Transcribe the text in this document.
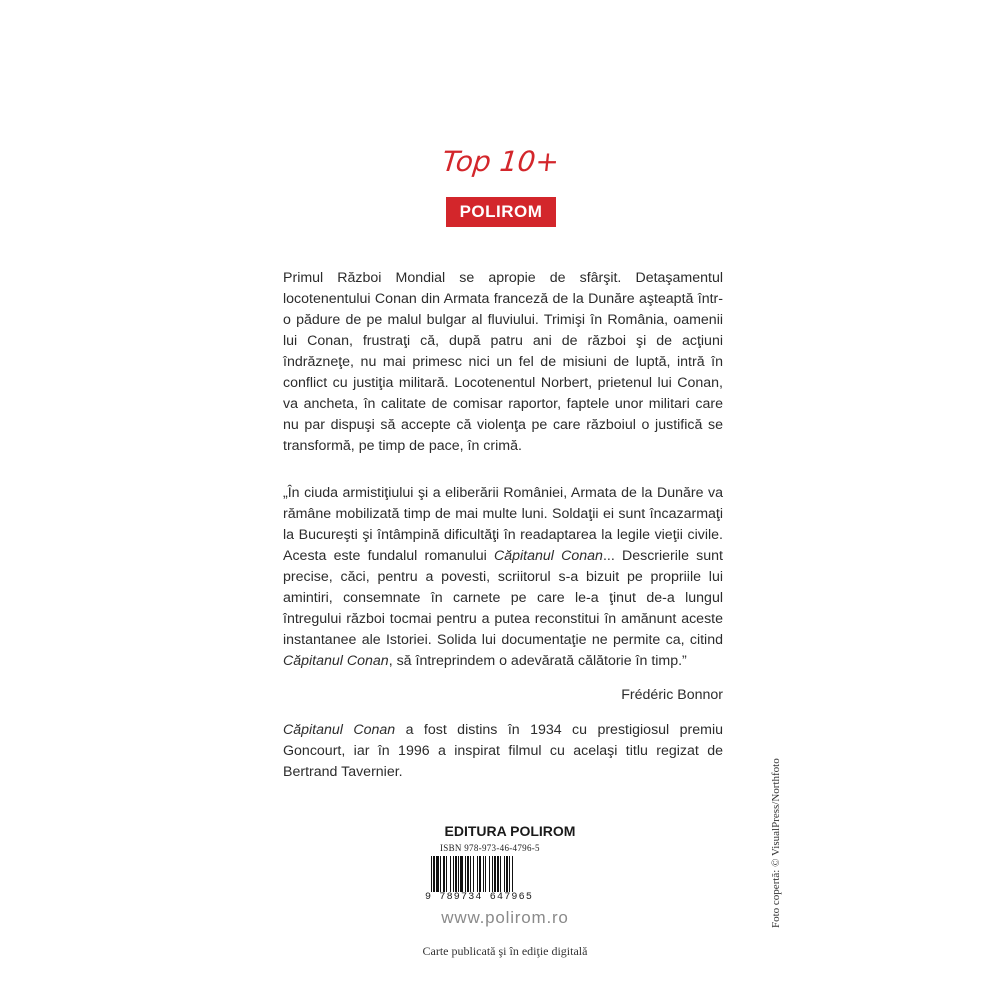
Top 10+
POLIROM

Primul Război Mondial se apropie de sfârşit. Detaşamentul locotenentului Conan din Armata franceză de la Dunăre aşteaptă într-o pădure de pe malul bulgar al fluviului. Trimişi în România, oamenii lui Conan, frustraţi că, după patru ani de război şi de acţiuni îndrăzneţe, nu mai primesc nici un fel de misiuni de luptă, intră în conflict cu justiţia militară. Locotenentul Norbert, prietenul lui Conan, va ancheta, în calitate de comisar raportor, faptele unor militari care nu par dispuşi să accepte că violenţa pe care războiul o justifică se transformă, pe timp de pace, în crimă.

„În ciuda armistiţiului şi a eliberării României, Armata de la Dunăre va rămâne mobilizată timp de mai multe luni. Soldaţii ei sunt încazarmaţi la Bucureşti şi întâmpină dificultăţi în readaptarea la legile vieţii civile. Acesta este fundalul romanului Căpitanul Conan... Descrierile sunt precise, căci, pentru a povesti, scriitorul s-a bizuit pe propriile lui amintiri, consemnate în carnete pe care le-a ţinut de-a lungul întregului război tocmai pentru a putea reconstitui în amănunt aceste instantanee ale Istoriei. Solida lui documentaţie ne permite ca, citind Căpitanul Conan, să întreprindem o adevărată călătorie în timp.”

Frédéric Bonnor

Căpitanul Conan a fost distins în 1934 cu prestigiosul premiu Goncourt, iar în 1996 a inspirat filmul cu acelaşi titlu regizat de Bertrand Tavernier.

EDITURA POLIROM
ISBN 978-973-46-4796-5
9 789734 647965
www.polirom.ro
Carte publicată şi în ediţie digitală
Foto copertă: © VisualPress/Northfoto
